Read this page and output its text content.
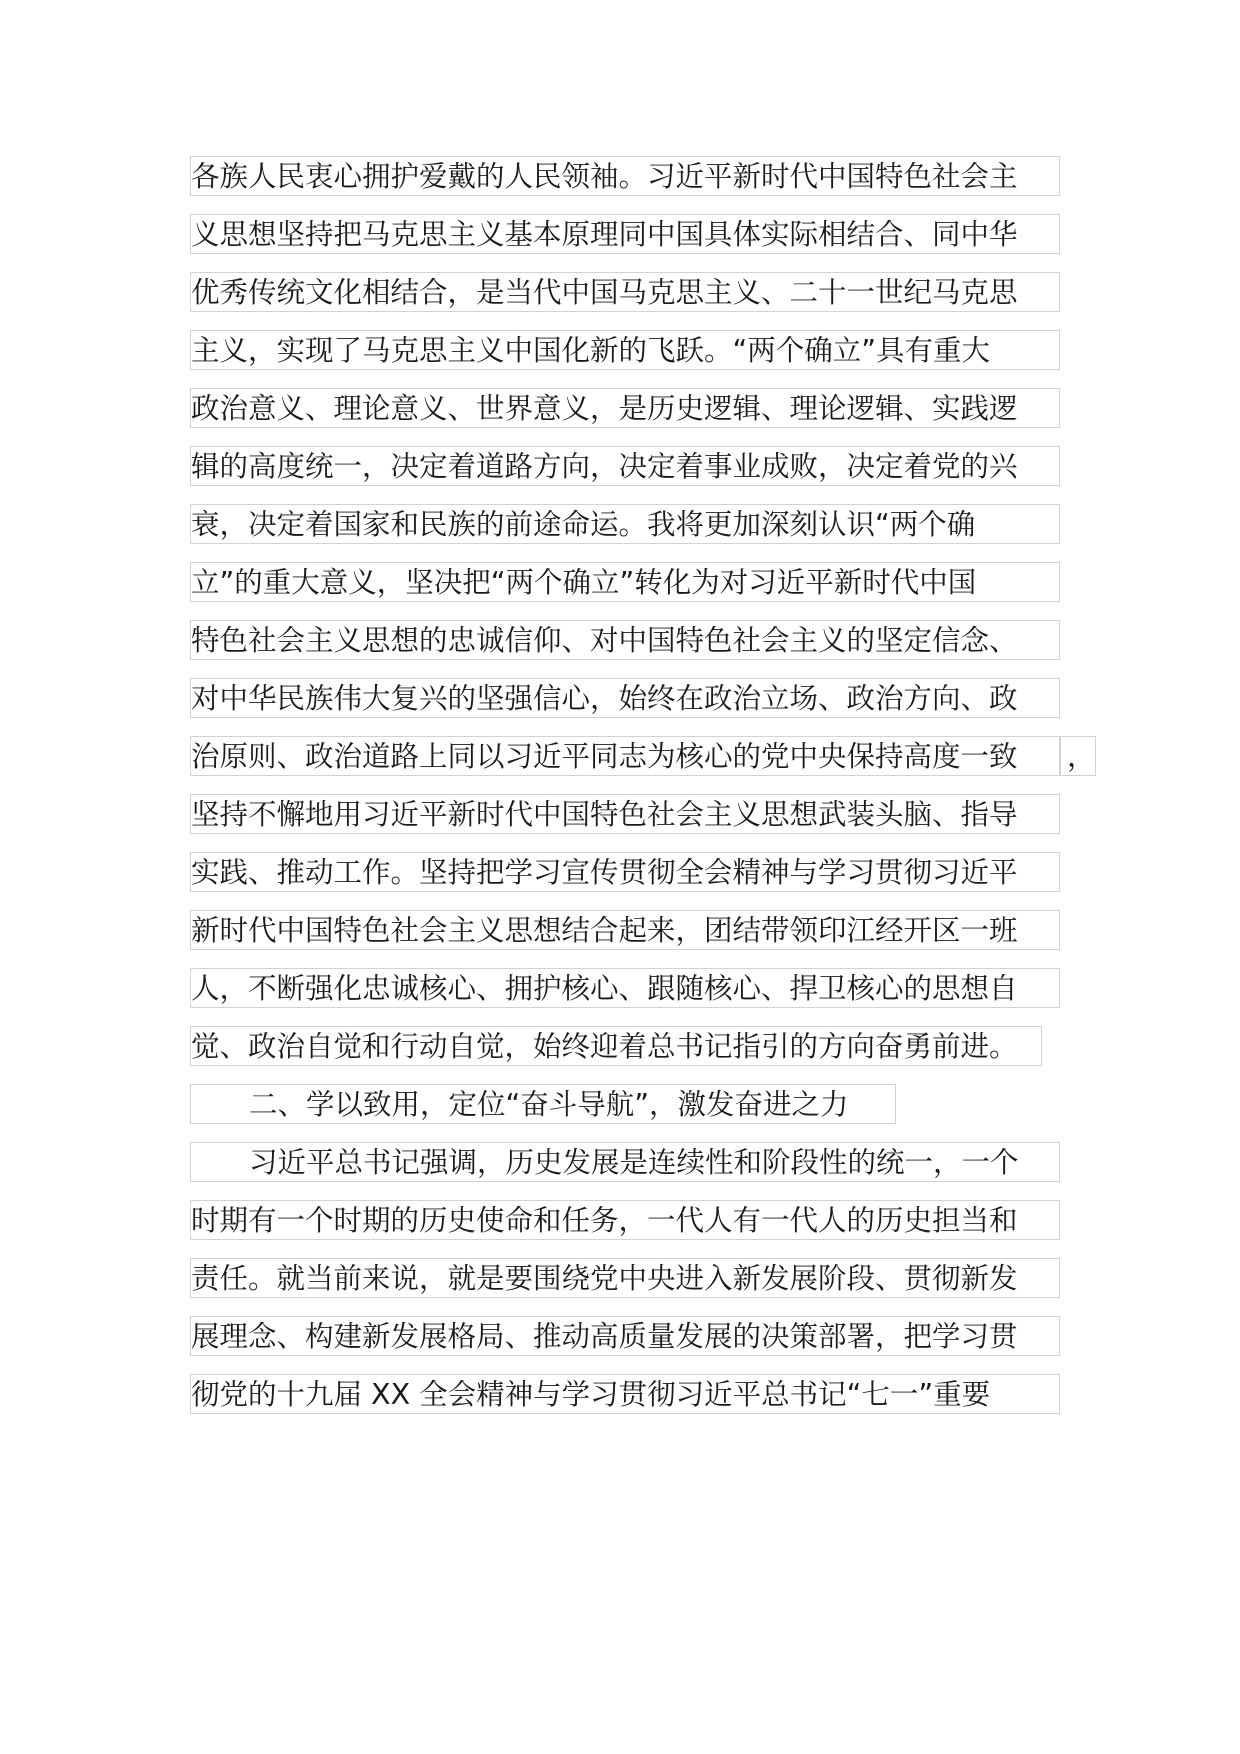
各族人民衷心拥护爱戴的人民领袖。习近平新时代中国特色社会主
义思想坚持把马克思主义基本原理同中国具体实际相结合、同中华
优秀传统文化相结合，是当代中国马克思主义、二十一世纪马克思
主义，实现了马克思主义中国化新的飞跃。“两个确立”具有重大
政治意义、理论意义、世界意义，是历史逻辑、理论逻辑、实践逻
辑的高度统一，决定着道路方向，决定着事业成败，决定着党的兴
衰，决定着国家和民族的前途命运。我将更加深刻认识“两个确
立”的重大意义，坚决把“两个确立”转化为对习近平新时代中国
特色社会主义思想的忠诚信仰、对中国特色社会主义的坚定信念、
对中华民族伟大复兴的坚强信心，始终在政治立场、政治方向、政
治原则、政治道路上同以习近平同志为核心的党中央保持高度一致	，
坚持不懈地用习近平新时代中国特色社会主义思想武装头脑、指导
实践、推动工作。坚持把学习宣传贯彻全会精神与学习贯彻习近平
新时代中国特色社会主义思想结合起来，团结带领印江经开区一班
人，不断强化忠诚核心、拥护核心、跟随核心、捍卫核心的思想自
觉、政治自觉和行动自觉，始终迎着总书记指引的方向奋勇前进。
二、学以致用，定位“奋斗导航”，激发奋进之力
习近平总书记强调，历史发展是连续性和阶段性的统一，一个
时期有一个时期的历史使命和任务，一代人有一代人的历史担当和
责任。就当前来说，就是要围绕党中央进入新发展阶段、贯彻新发
展理念、构建新发展格局、推动高质量发展的决策部署，把学习贯
彻党的十九届 XX 全会精神与学习贯彻习近平总书记“七一”重要
